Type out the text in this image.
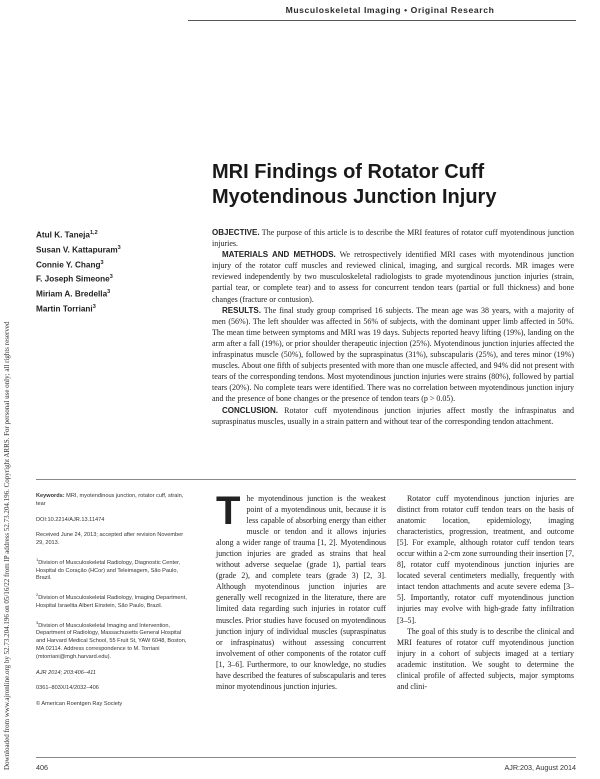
Musculoskeletal Imaging • Original Research
Downloaded from www.ajronline.org by 52.73.204.196 on 05/16/22 from IP address 52.73.204.196. Copyright ARRS. For personal use only; all rights reserved
MRI Findings of Rotator Cuff
Myotendinous Junction Injury
Atul K. Taneja$^{1,2}$
Susan V. Kattapuram$^3$
Connie Y. Chang$^3$
F. Joseph Simeone$^3$
Miriam A. Bredella$^3$
Martin Torriani$^3$

OBJECTIVE. The purpose of this article is to describe the MRI features of rotator cuff myotendinous junction injuries.

MATERIALS AND METHODS. We retrospectively identified MRI cases with myotendinous junction injury of the rotator cuff muscles and reviewed clinical, imaging, and surgical records. MR images were reviewed independently by two musculoskeletal radiologists to grade myotendinous junction injuries (strain, partial tear, or complete tear) and to assess for concurrent tendon tears (partial or full thickness) and bone changes (fracture or contusion).

RESULTS. The final study group comprised 16 subjects. The mean age was 38 years, with a majority of men (56%). The left shoulder was affected in 56% of subjects, with the dominant upper limb affected in 50%. The mean time between symptoms and MRI was 19 days. Subjects reported heavy lifting (19%), landing on the arm after a fall (19%), or prior shoulder therapeutic injection (25%). Myotendinous junction injuries affected the infraspinatus muscle (50%), followed by the supraspinatus (31%), subscapularis (25%), and teres minor (19%) muscles. About one fifth of subjects presented with more than one muscle affected, and 94% did not present with tears of the corresponding tendons. Most myotendinous junction injuries were strains (80%), followed by partial tears (20%). No complete tears were identified. There was no correlation between myotendinous junction injury and the presence of bone changes or the presence of tendon tears (p > 0.05).

CONCLUSION. Rotator cuff myotendinous junction injuries affect mostly the infraspinatus and supraspinatus muscles, usually in a strain pattern and without tear of the corresponding tendon attachment.

Keywords: MRI, myotendinous junction, rotator cuff, strain, tear

DOI:10.2214/AJR.13.11474

Received June 24, 2013; accepted after revision November 29, 2013.

$^1$Division of Musculoskeletal Radiology, Diagnostic Center, Hospital do Coração (HCor) and Teleimagem, São Paulo, Brazil.

$^2$Division of Musculoskeletal Radiology, Imaging Department, Hospital Israelita Albert Einstein, São Paulo, Brazil.

$^3$Division of Musculoskeletal Imaging and Intervention, Department of Radiology, Massachusetts General Hospital and Harvard Medical School, 55 Fruit St, YAW 6048, Boston, MA 02114. Address correspondence to M. Torriani (mtorriani@mgh.harvard.edu).

AJR 2014; 203:406–411

0361–803X/14/2032–406

© American Roentgen Ray Society

The myotendinous junction is the weakest point of a myotendinous unit, because it is less capable of absorbing energy than either muscle or tendon and it allows injuries along a wider range of trauma [1, 2]. Myotendinous junction injuries are graded as strains that heal without adverse sequelae (grade 1), partial tears (grade 2), and complete tears (grade 3) [2, 3]. Although myotendinous junction injuries are generally well recognized in the literature, there are limited data regarding such injuries in rotator cuff muscles. Prior studies have focused on myotendinous junction injury of individual muscles (supraspinatus or infraspinatus) without assessing concurrent involvement of other components of the rotator cuff [1, 3–6]. Furthermore, to our knowledge, no studies have described the features of subscapularis and teres minor myotendinous junction injuries.

Rotator cuff myotendinous junction injuries are distinct from rotator cuff tendon tears on the basis of anatomic location, epidemiology, imaging characteristics, progression, treatment, and outcome [5]. For example, although rotator cuff tendon tears occur within a 2-cm zone surrounding their insertion [7, 8], rotator cuff myotendinous junction injuries are located several centimeters medially, frequently with intact tendon attachments and acute severe edema [3–5]. Importantly, rotator cuff myotendinous junction injuries may evolve with high-grade fatty infiltration [3–5].

The goal of this study is to describe the clinical and MRI features of rotator cuff myotendinous junction injury in a cohort of subjects imaged at a tertiary academic institution. We sought to determine the clinical profile of affected subjects, major symptoms and clini-

406	AJR:203, August 2014
